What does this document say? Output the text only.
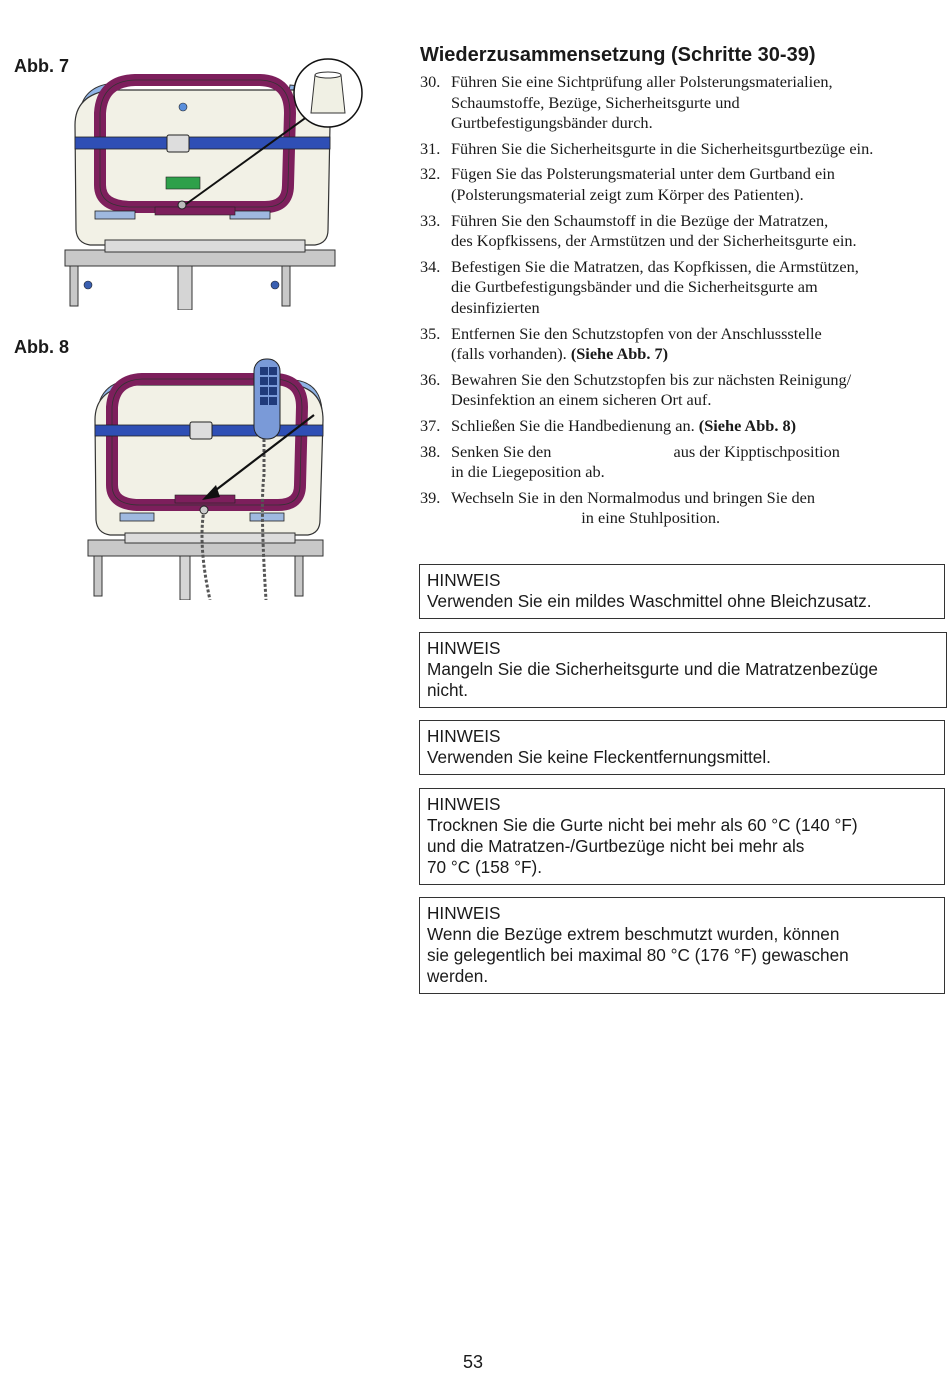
Abb. 7
Abb. 8
Wiederzusammensetzung (Schritte 30-39)
30. Führen Sie eine Sichtprüfung aller Polsterungsmaterialien,
Schaumstoffe, Bezüge, Sicherheitsgurte und
Gurtbefestigungsbänder durch.
31. Führen Sie die Sicherheitsgurte in die Sicherheitsgurtbezüge ein.
32. Fügen Sie das Polsterungsmaterial unter dem Gurtband ein
(Polsterungsmaterial zeigt zum Körper des Patienten).
33. Führen Sie den Schaumstoff in die Bezüge der Matratzen,
des Kopfkissens, der Armstützen und der Sicherheitsgurte ein.
34. Befestigen Sie die Matratzen, das Kopfkissen, die Armstützen,
die Gurtbefestigungsbänder und die Sicherheitsgurte am
desinfizierten
35. Entfernen Sie den Schutzstopfen von der Anschlussstelle
(falls vorhanden). (Siehe Abb. 7)
36. Bewahren Sie den Schutzstopfen bis zur nächsten Reinigung/
Desinfektion an einem sicheren Ort auf.
37. Schließen Sie die Handbedienung an. (Siehe Abb. 8)
38. Senken Sie den                              aus der Kipptischposition
in die Liegeposition ab.
39. Wechseln Sie in den Normalmodus und bringen Sie den
in eine Stuhlposition.
HINWEIS
Verwenden Sie ein mildes Waschmittel ohne Bleichzusatz.
HINWEIS
Mangeln Sie die Sicherheitsgurte und die Matratzenbezüge
nicht.
HINWEIS
Verwenden Sie keine Fleckentfernungsmittel.
HINWEIS
Trocknen Sie die Gurte nicht bei mehr als 60 °C (140 °F)
und die Matratzen-/Gurtbezüge nicht bei mehr als
70 °C (158 °F).
HINWEIS
Wenn die Bezüge extrem beschmutzt wurden, können
sie gelegentlich bei maximal 80 °C (176 °F) gewaschen
werden.
53
